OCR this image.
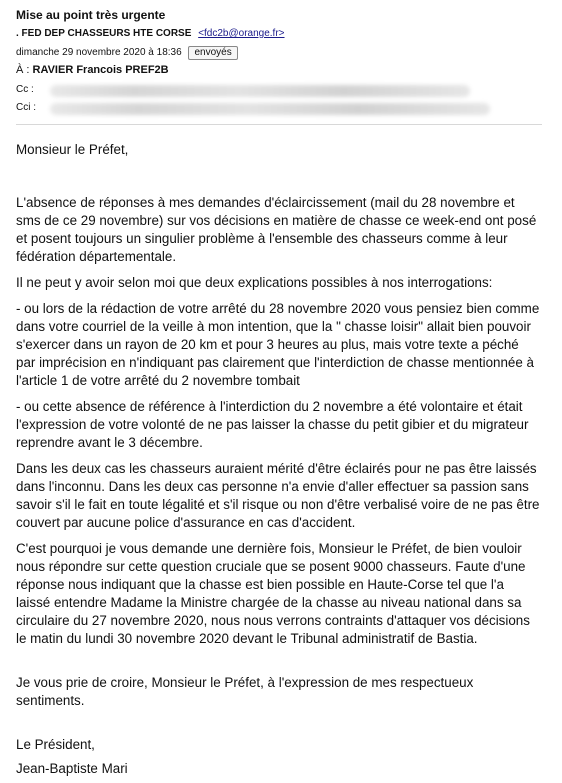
Mise au point très urgente
. FED DEP CHASSEURS HTE CORSE <fdc2b@orange.fr>
dimanche 29 novembre 2020 à 18:36 envoyés
À : RAVIER Francois PREF2B
Cc :
Cci :

Monsieur le Préfet,

L'absence de réponses à mes demandes d'éclaircissement (mail du 28 novembre et sms de ce 29 novembre) sur vos décisions en matière de chasse ce week-end ont posé et posent toujours un singulier problème à l'ensemble des chasseurs comme à leur fédération départementale.

Il ne peut y avoir selon moi que deux explications possibles à nos interrogations:

- ou lors de la rédaction de votre arrêté du 28 novembre 2020 vous pensiez bien comme dans votre courriel de la veille à mon intention, que la " chasse loisir" allait bien pouvoir s'exercer dans un rayon de 20 km et pour 3 heures au plus, mais votre texte a péché par imprécision en n'indiquant pas clairement que l'interdiction de chasse mentionnée à l'article 1 de votre arrêté du 2 novembre tombait

- ou cette absence de référence à l'interdiction du 2 novembre a été volontaire et était l'expression de votre volonté de ne pas laisser la chasse du petit gibier et du migrateur reprendre avant le 3 décembre.

Dans les deux cas les chasseurs auraient mérité d'être éclairés pour ne pas être laissés dans l'inconnu. Dans les deux cas personne n'a envie d'aller effectuer sa passion sans savoir s'il le fait en toute légalité et s'il risque ou non d'être verbalisé voire de ne pas être couvert par aucune police d'assurance en cas d'accident.

C'est pourquoi je vous demande une dernière fois, Monsieur le Préfet, de bien vouloir nous répondre sur cette question cruciale que se posent 9000 chasseurs. Faute d'une réponse nous indiquant que la chasse est bien possible en Haute-Corse tel que l'a laissé entendre Madame la Ministre chargée de la chasse au niveau national dans sa circulaire du 27 novembre 2020, nous nous verrons contraints d'attaquer vos décisions le matin du lundi 30 novembre 2020 devant le Tribunal administratif de Bastia.

Je vous prie de croire, Monsieur le Préfet, à l'expression de mes respectueux sentiments.

Le Président,

Jean-Baptiste Mari
